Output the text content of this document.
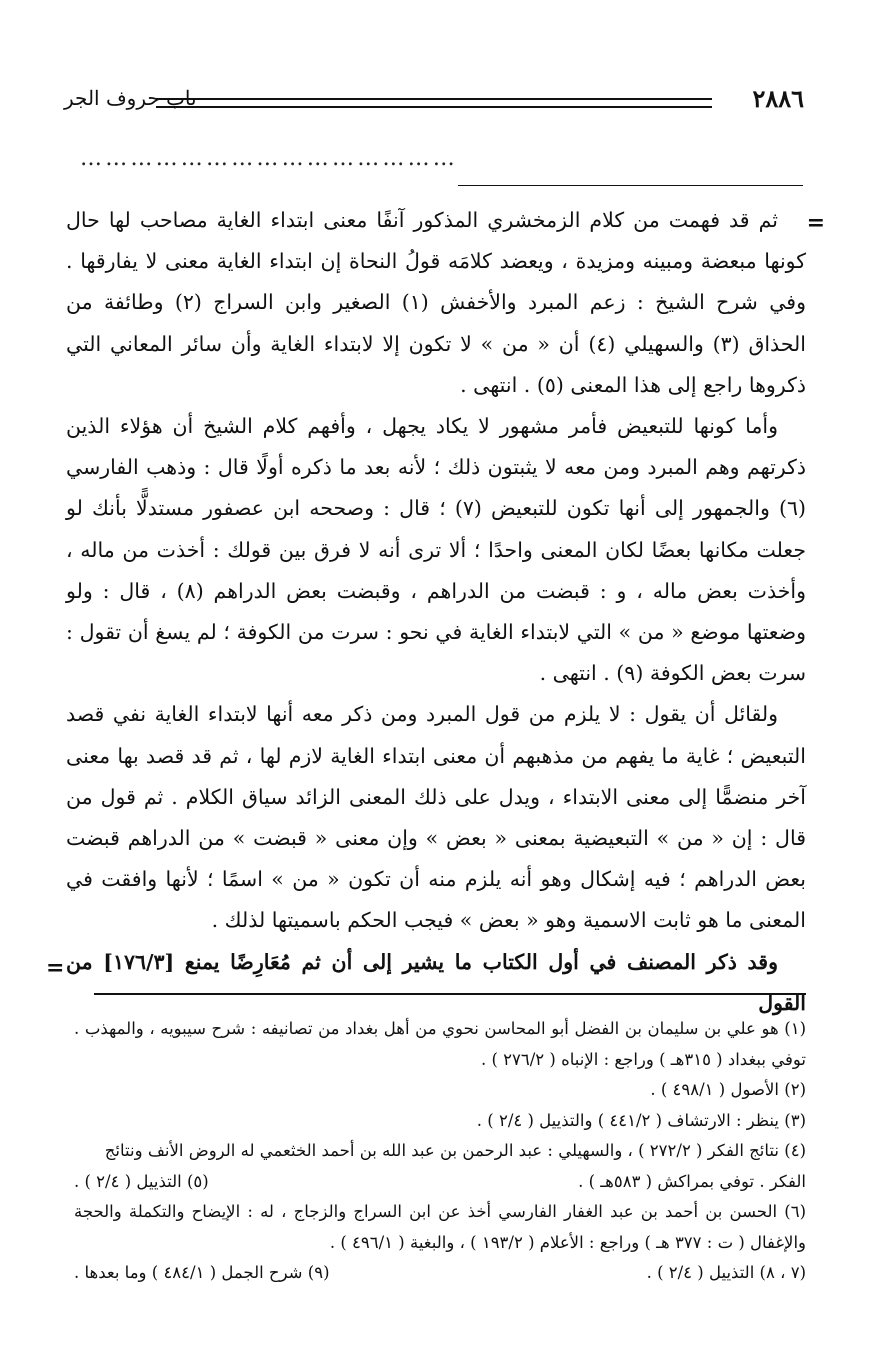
٢٨٨٦
باب حروف الجر
………………………………………
=
=

ثم قد فهمت من كلام الزمخشري المذكور آنفًا معنى ابتداء الغاية مصاحب لها حال كونها مبعضة ومبينه ومزيدة ، ويعضد كلامَه قولُ النحاة إن ابتداء الغاية معنى لا يفارقها . وفي شرح الشيخ : زعم المبرد والأخفش (١) الصغير وابن السراج (٢) وطائفة من الحذاق (٣) والسهيلي (٤) أن « من » لا تكون إلا لابتداء الغاية وأن سائر المعاني التي ذكروها راجع إلى هذا المعنى (٥) . انتهى .

وأما كونها للتبعيض فأمر مشهور لا يكاد يجهل ، وأفهم كلام الشيخ أن هؤلاء الذين ذكرتهم وهم المبرد ومن معه لا يثبتون ذلك ؛ لأنه بعد ما ذكره أولًا قال : وذهب الفارسي (٦) والجمهور إلى أنها تكون للتبعيض (٧) ؛ قال : وصححه ابن عصفور مستدلًّا بأنك لو جعلت مكانها بعضًا لكان المعنى واحدًا ؛ ألا ترى أنه لا فرق بين قولك : أخذت من ماله ، وأخذت بعض ماله ، و : قبضت من الدراهم ، وقبضت بعض الدراهم (٨) ، قال : ولو وضعتها موضع « من » التي لابتداء الغاية في نحو : سرت من الكوفة ؛ لم يسغ أن تقول : سرت بعض الكوفة (٩) . انتهى .

ولقائل أن يقول : لا يلزم من قول المبرد ومن ذكر معه أنها لابتداء الغاية نفي قصد التبعيض ؛ غاية ما يفهم من مذهبهم أن معنى ابتداء الغاية لازم لها ، ثم قد قصد بها معنى آخر منضمًّا إلى معنى الابتداء ، ويدل على ذلك المعنى الزائد سياق الكلام . ثم قول من قال : إن « من » التبعيضية بمعنى « بعض » وإن معنى « قبضت » من الدراهم قبضت بعض الدراهم ؛ فيه إشكال وهو أنه يلزم منه أن تكون « من » اسمًا ؛ لأنها وافقت في المعنى ما هو ثابت الاسمية وهو « بعض » فيجب الحكم باسميتها لذلك .

وقد ذكر المصنف في أول الكتاب ما يشير إلى أن ثم مُعَارِضًا يمنع [١٧٦/٣] من القول

(١) هو علي بن سليمان بن الفضل أبو المحاسن نحوي من أهل بغداد من تصانيفه : شرح سيبويه ، والمهذب . توفي ببغداد ( ٣١٥هـ ) وراجع : الإنباه ( ٢٧٦/٢ ) .

(٢) الأصول ( ٤٩٨/١ ) .

(٣) ينظر : الارتشاف ( ٤٤١/٢ ) والتذييل ( ٢/٤ ) .

(٤) نتائج الفكر ( ٢٧٢/٢ ) ، والسهيلي : عبد الرحمن بن عبد الله بن أحمد الخثعمي له الروض الأنف ونتائج الفكر . توفي بمراكش ( ٥٨٣هـ ) .
(٥) التذييل ( ٢/٤ ) .

(٦) الحسن بن أحمد بن عبد الغفار الفارسي أخذ عن ابن السراج والزجاج ، له : الإيضاح والتكملة والحجة والإغفال ( ت : ٣٧٧ هـ ) وراجع : الأعلام ( ١٩٣/٢ ) ، والبغية ( ٤٩٦/١ ) .

(٧ ، ٨) التذييل ( ٢/٤ ) .
(٩) شرح الجمل ( ٤٨٤/١ ) وما بعدها .
